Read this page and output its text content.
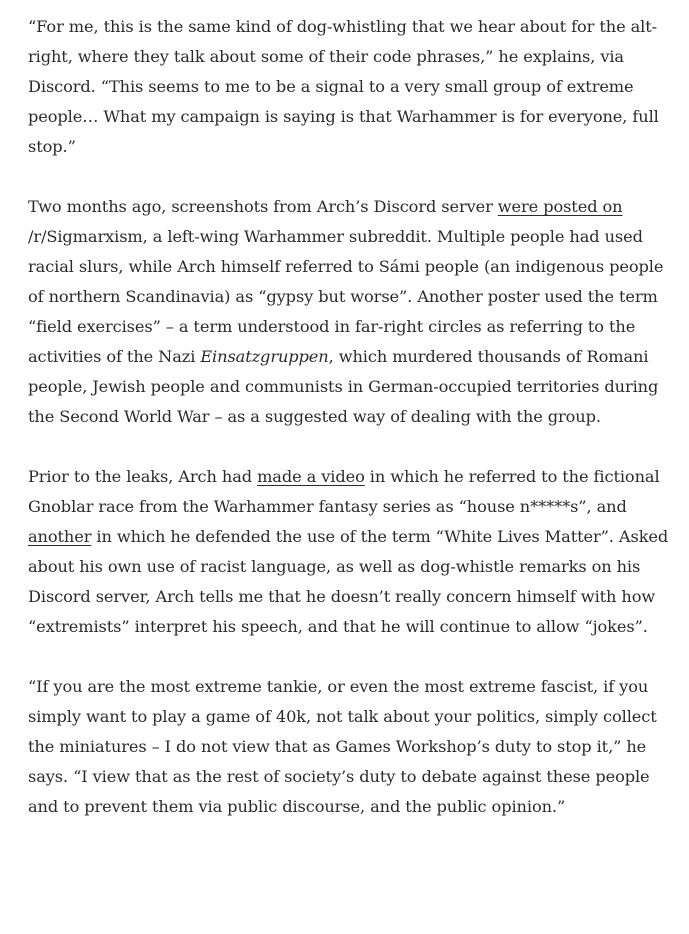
“For me, this is the same kind of dog-whistling that we hear about for the alt-right, where they talk about some of their code phrases,” he explains, via Discord. “This seems to me to be a signal to a very small group of extreme people… What my campaign is saying is that Warhammer is for everyone, full stop.”

Two months ago, screenshots from Arch’s Discord server were posted on /r/Sigmarxism, a left-wing Warhammer subreddit. Multiple people had used racial slurs, while Arch himself referred to Sámi people (an indigenous people of northern Scandinavia) as “gypsy but worse”. Another poster used the term “field exercises” – a term understood in far-right circles as referring to the activities of the Nazi Einsatzgruppen, which murdered thousands of Romani people, Jewish people and communists in German-occupied territories during the Second World War – as a suggested way of dealing with the group.

Prior to the leaks, Arch had made a video in which he referred to the fictional Gnoblar race from the Warhammer fantasy series as “house n*****s”, and another in which he defended the use of the term “White Lives Matter”. Asked about his own use of racist language, as well as dog-whistle remarks on his Discord server, Arch tells me that he doesn’t really concern himself with how “extremists” interpret his speech, and that he will continue to allow “jokes”.

“If you are the most extreme tankie, or even the most extreme fascist, if you simply want to play a game of 40k, not talk about your politics, simply collect the miniatures – I do not view that as Games Workshop’s duty to stop it,” he says. “I view that as the rest of society’s duty to debate against these people and to prevent them via public discourse, and the public opinion.”
